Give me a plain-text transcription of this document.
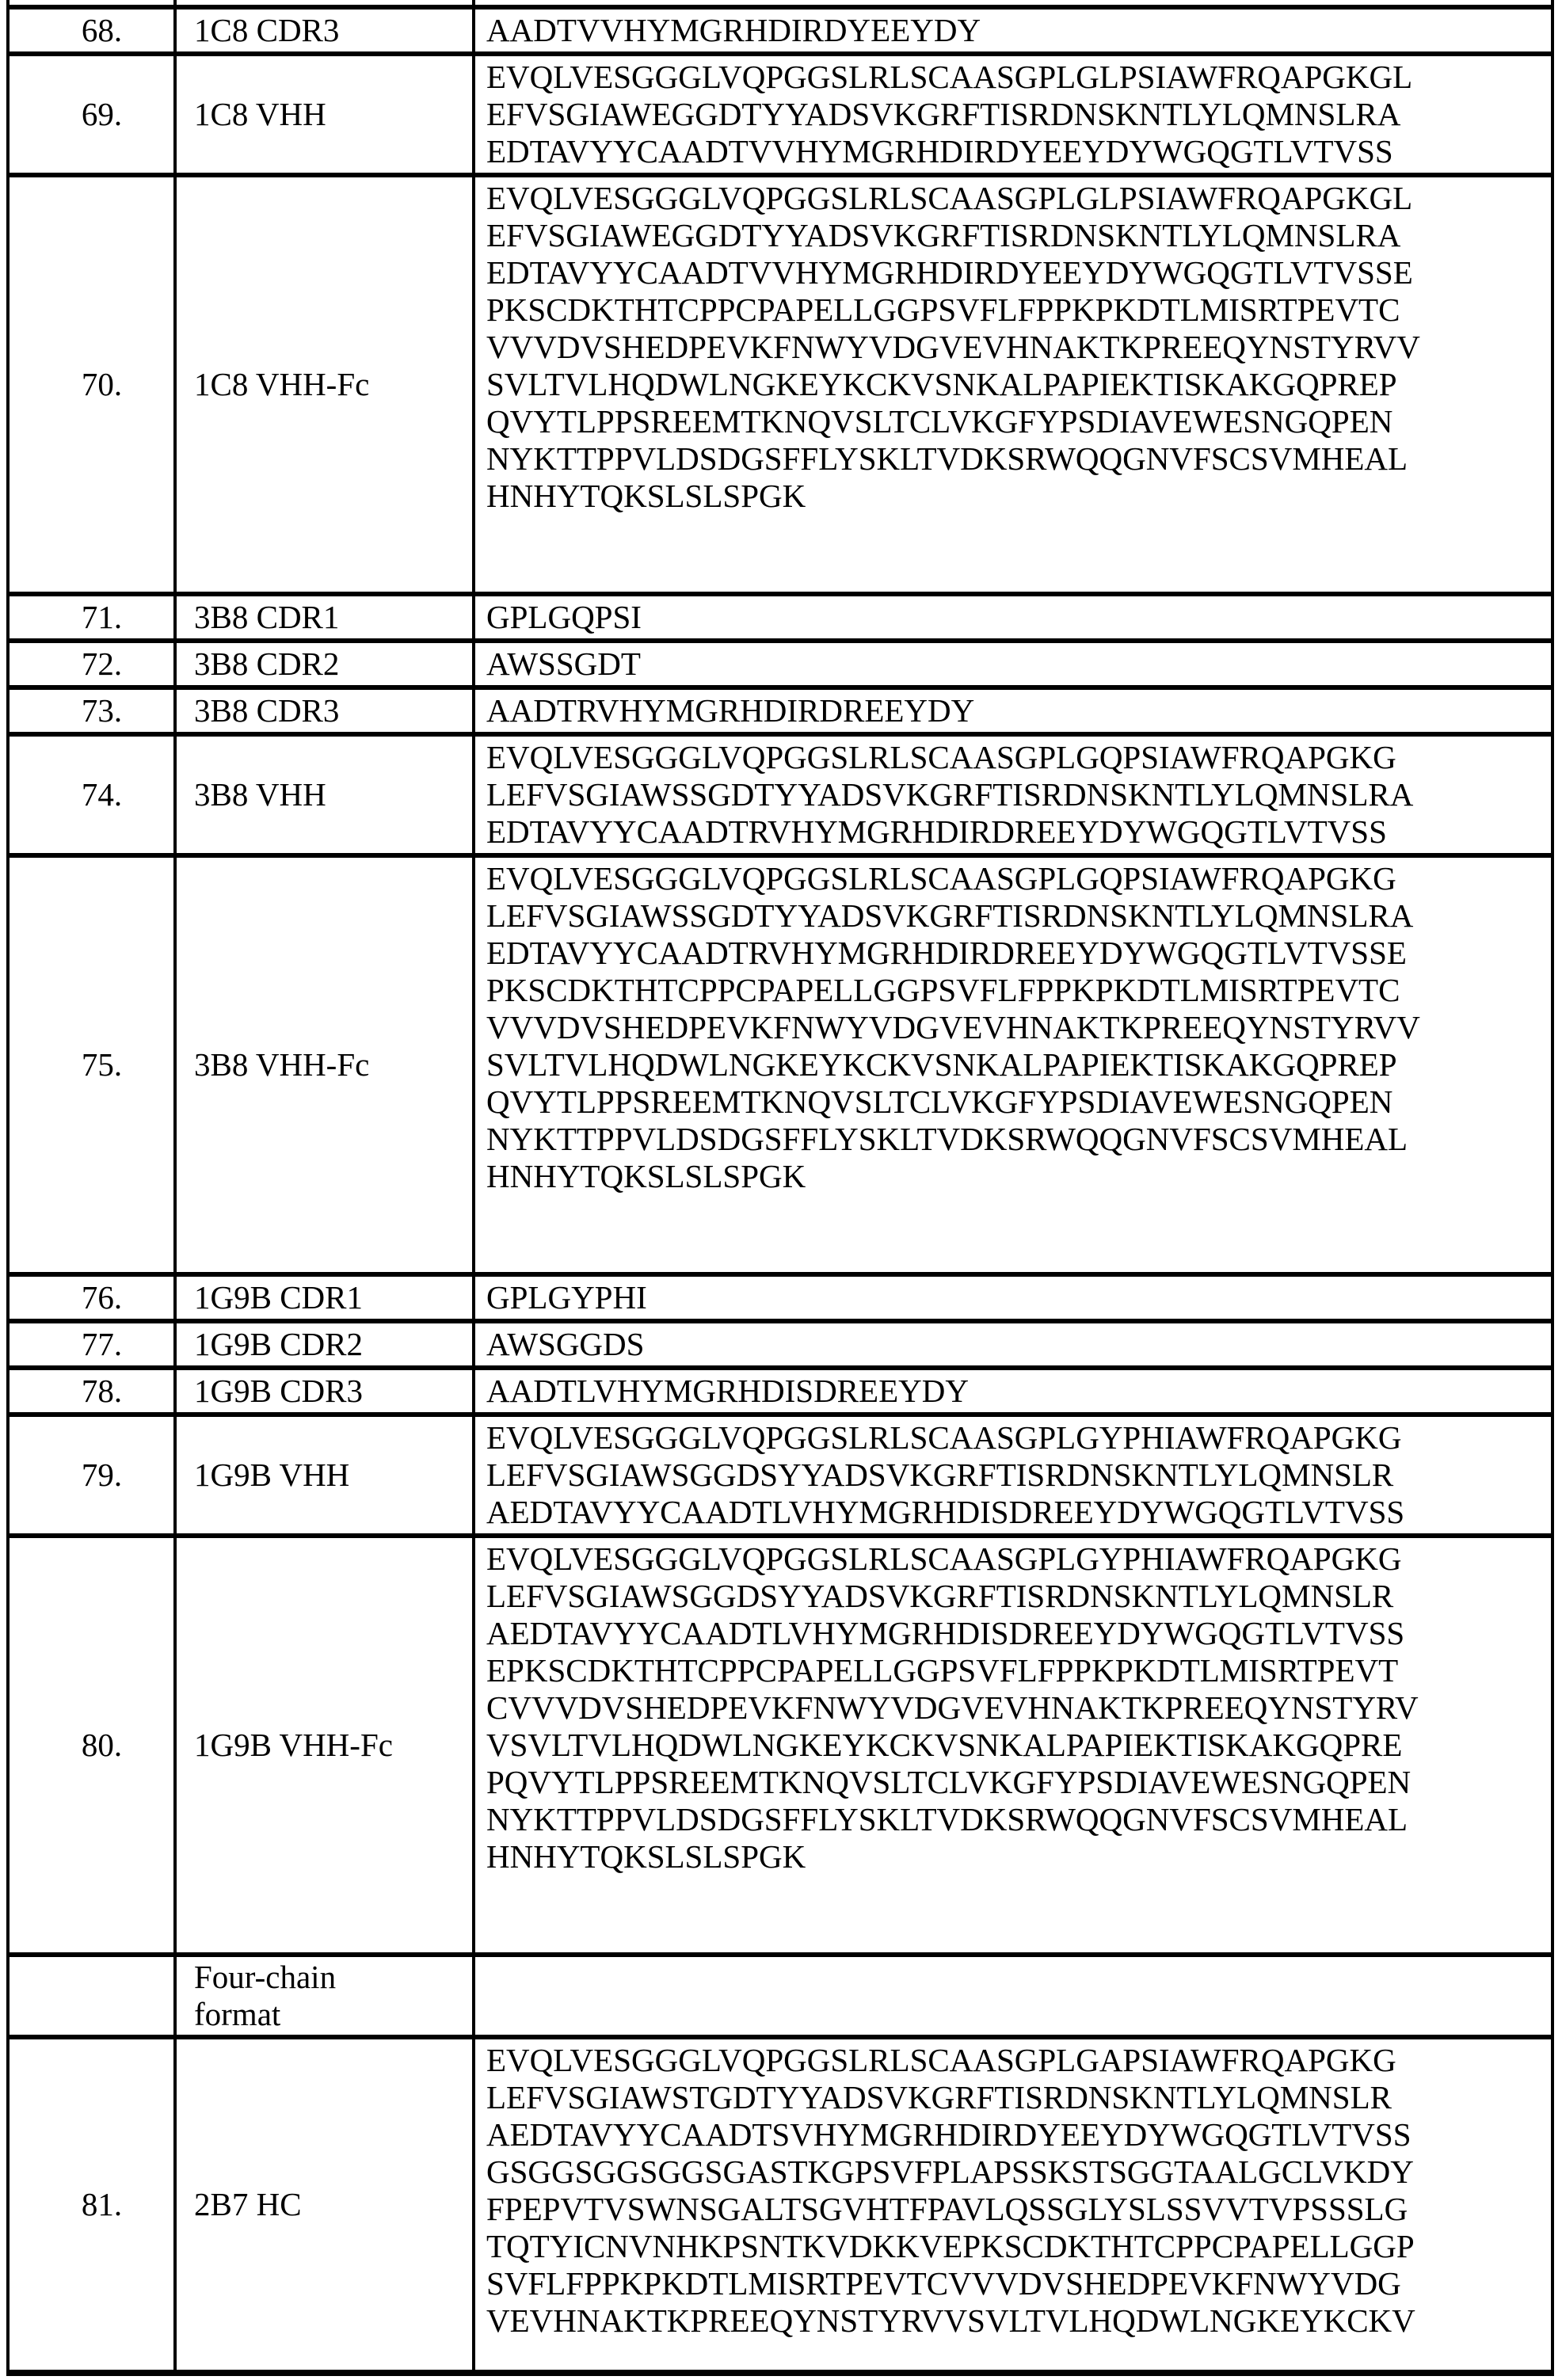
68.	1C8 CDR3	AADTVVHYMGRHDIRDYEEYDY

69.	1C8 VHH	EVQLVESGGGLVQPGGSLRLSCAASGPLGLPSIAWFRQAPGKGL
EFVSGIAWEGGDTYYADSVKGRFTISRDNSKNTLYLQMNSLRA
EDTAVYYCAADTVVHYMGRHDIRDYEEYDYWGQGTLVTVSS

70.	1C8 VHH-Fc	
EVQLVESGGGLVQPGGSLRLSCAASGPLGLPSIAWFRQAPGKGL
EFVSGIAWEGGDTYYADSVKGRFTISRDNSKNTLYLQMNSLRA
EDTAVYYCAADTVVHYMGRHDIRDYEEYDYWGQGTLVTVSSE
PKSCDKTHTCPPCPAPELLGGPSVFLFPPKPKDTLMISRTPEVTC
VVVDVSHEDPEVKFNWYVDGVEVHNAKTKPREEQYNSTYRVV
SVLTVLHQDWLNGKEYKCKVSNKALPAPIEKTISKAKGQPREP
QVYTLPPSREEMTKNQVSLTCLVKGFYPSDIAVEWESNGQPEN
NYKTTPPVLDSDGSFFLYSKLTVDKSRWQQGNVFSCSVMHEAL
HNHYTQKSLSLSPGK

71.	3B8 CDR1	GPLGQPSI

72.	3B8 CDR2	AWSSGDT

73.	3B8 CDR3	AADTRVHYMGRHDIRDREEYDY

74.	3B8 VHH	EVQLVESGGGLVQPGGSLRLSCAASGPLGQPSIAWFRQAPGKG
LEFVSGIAWSSGDTYYADSVKGRFTISRDNSKNTLYLQMNSLRA
EDTAVYYCAADTRVHYMGRHDIRDREEYDYWGQGTLVTVSS

75.	3B8 VHH-Fc	
EVQLVESGGGLVQPGGSLRLSCAASGPLGQPSIAWFRQAPGKG
LEFVSGIAWSSGDTYYADSVKGRFTISRDNSKNTLYLQMNSLRA
EDTAVYYCAADTRVHYMGRHDIRDREEYDYWGQGTLVTVSSE
PKSCDKTHTCPPCPAPELLGGPSVFLFPPKPKDTLMISRTPEVTC
VVVDVSHEDPEVKFNWYVDGVEVHNAKTKPREEQYNSTYRVV
SVLTVLHQDWLNGKEYKCKVSNKALPAPIEKTISKAKGQPREP
QVYTLPPSREEMTKNQVSLTCLVKGFYPSDIAVEWESNGQPEN
NYKTTPPVLDSDGSFFLYSKLTVDKSRWQQGNVFSCSVMHEAL
HNHYTQKSLSLSPGK

76.	1G9B CDR1	GPLGYPHI

77.	1G9B CDR2	AWSGGDS

78.	1G9B CDR3	AADTLVHYMGRHDISDREEYDY

79.	1G9B VHH	EVQLVESGGGLVQPGGSLRLSCAASGPLGYPHIAWFRQAPGKG
LEFVSGIAWSGGDSYYADSVKGRFTISRDNSKNTLYLQMNSLR
AEDTAVYYCAADTLVHYMGRHDISDREEYDYWGQGTLVTVSS

80.	1G9B VHH-Fc	
EVQLVESGGGLVQPGGSLRLSCAASGPLGYPHIAWFRQAPGKG
LEFVSGIAWSGGDSYYADSVKGRFTISRDNSKNTLYLQMNSLR
AEDTAVYYCAADTLVHYMGRHDISDREEYDYWGQGTLVTVSS
EPKSCDKTHTCPPCPAPELLGGPSVFLFPPKPKDTLMISRTPEVT
CVVVDVSHEDPEVKFNWYVDGVEVHNAKTKPREEQYNSTYRV
VSVLTVLHQDWLNGKEYKCKVSNKALPAPIEKTISKAKGQPRE
PQVYTLPPSREEMTKNQVSLTCLVKGFYPSDIAVEWESNGQPEN
NYKTTPPVLDSDGSFFLYSKLTVDKSRWQQGNVFSCSVMHEAL
HNHYTQKSLSLSPGK

	Four-chain
format	
81.	2B7 HC	
EVQLVESGGGLVQPGGSLRLSCAASGPLGAPSIAWFRQAPGKG
LEFVSGIAWSTGDTYYADSVKGRFTISRDNSKNTLYLQMNSLR
AEDTAVYYCAADTSVHYMGRHDIRDYEEYDYWGQGTLVTVSS
GSGGSGGSGGSGASTKGPSVFPLAPSSKSTSGGTAALGCLVKDY
FPEPVTVSWNSGALTSGVHTFPAVLQSSGLYSLSSVVTVPSSSLG
TQTYICNVNHKPSNTKVDKKVEPKSCDKTHTCPPCPAPELLGGP
SVFLFPPKPKDTLMISRTPEVTCVVVDVSHEDPEVKFNWYVDG
VEVHNAKTKPREEQYNSTYRVVSVLTVLHQDWLNGKEYKCKV
